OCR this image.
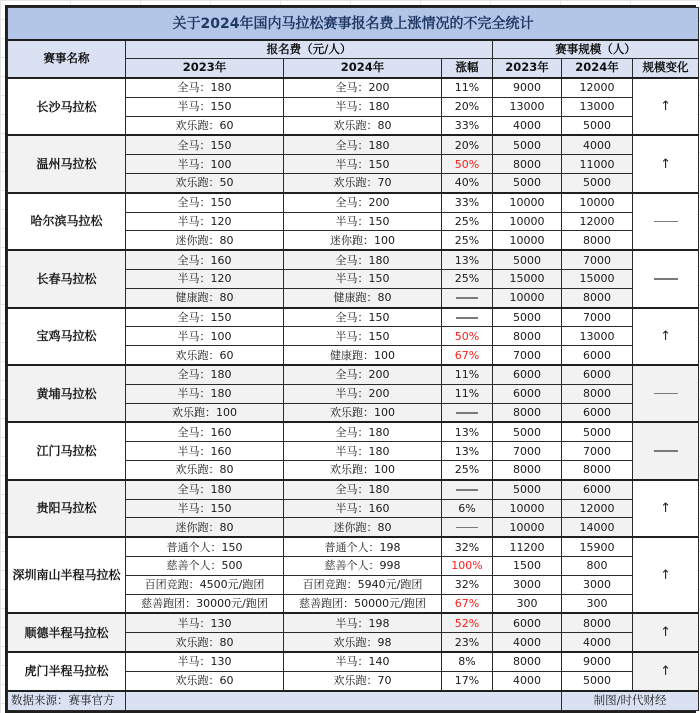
关于2024年国内马拉松赛事报名费上涨情况的不完全统计						
赛事名称	报名费（元/人）			赛事规模（人）		
	2023年	2024年	涨幅	2023年	2024年	规模变化
长沙马拉松	全马：180	全马：200	11%	9000	12000	↑
	半马：150	半马：180	20%	13000	13000	
	欢乐跑：60	欢乐跑：80	33%	4000	5000	
温州马拉松	全马：150	全马：180	20%	5000	4000	↑
	半马：100	半马：150	50%	8000	11000	
	欢乐跑：50	欢乐跑：70	40%	5000	5000	
哈尔滨马拉松	全马：150	全马：200	33%	10000	10000	
	半马：120	半马：150	25%	10000	12000	
	迷你跑：80	迷你跑：100	25%	10000	8000	
长春马拉松	全马：160	全马：180	13%	5000	7000	
	半马：120	半马：150	25%	15000	15000	
	健康跑：80	健康跑：80		10000	8000	
宝鸡马拉松	全马：150	全马：150		5000	7000	↑
	半马：100	半马：150	50%	8000	13000	
	欢乐跑：60	健康跑：100	67%	7000	6000	
黄埔马拉松	全马：180	全马：200	11%	6000	6000	
	半马：180	半马：200	11%	6000	8000	
	欢乐跑：100	欢乐跑：100		8000	6000	
江门马拉松	全马：160	全马：180	13%	5000	5000	
	半马：160	半马：180	13%	7000	7000	
	欢乐跑：80	欢乐跑：100	25%	8000	8000	
贵阳马拉松	全马：180	全马：180		5000	6000	↑
	半马：150	半马：160	6%	10000	12000	
	迷你跑：80	迷你跑：80		10000	14000	
深圳南山半程马拉松	普通个人：150	普通个人：198	32%	11200	15900	↑
	慈善个人：500	慈善个人：998	100%	1500	800	
	百团竞跑：4500元/跑团	百团竞跑：5940元/跑团	32%	3000	3000	
	慈善跑团：30000元/跑团	慈善跑团：50000元/跑团	67%	300	300	
顺德半程马拉松	半马：130	半马：198	52%	6000	8000	↑
	欢乐跑：80	欢乐跑：98	23%	4000	4000	
虎门半程马拉松	半马：130	半马：140	8%	8000	9000	↑
	欢乐跑：60	欢乐跑：70	17%	4000	5000	
数据来源：赛事官方					制图/时代财经	
